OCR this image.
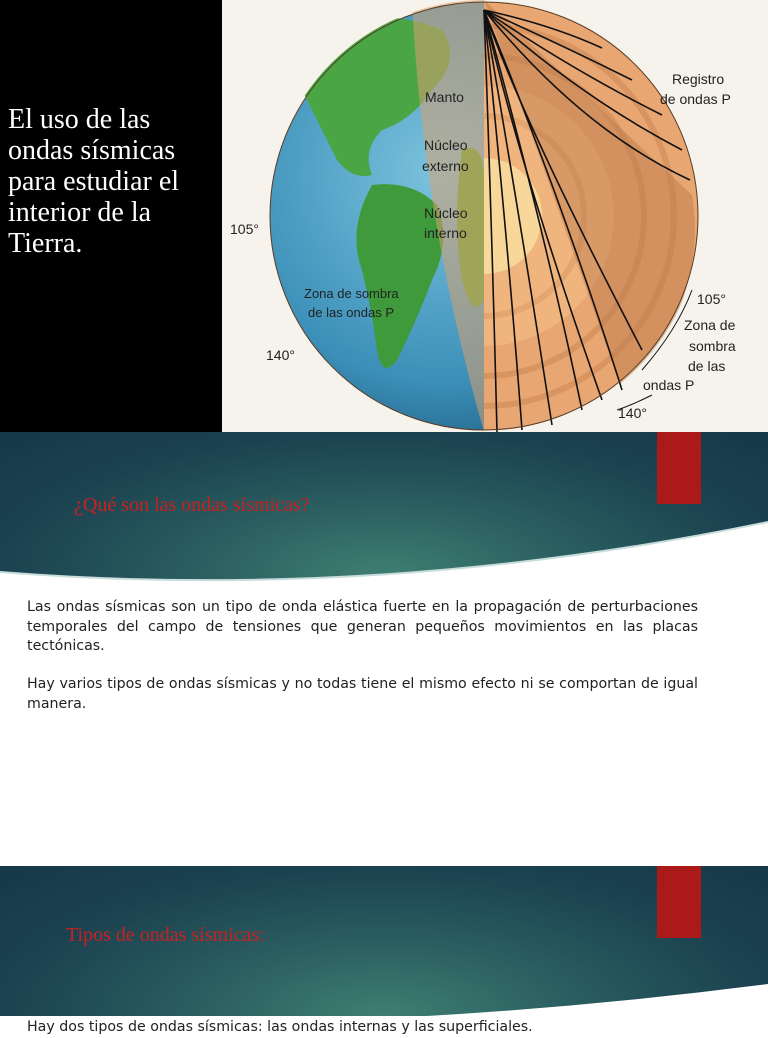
El uso de las ondas sísmicas para estudiar el interior de la Tierra.
Manto
Núcleo
externo
Núcleo
interno
Registro
de ondas P
105°
140°
Zona de sombra
de las ondas P
105°
Zona de
sombra
de las
ondas P
140°
¿Qué son las ondas sísmicas?

Las ondas sísmicas son un tipo de onda elástica fuerte en la propagación de perturbaciones temporales del campo de tensiones que generan pequeños movimientos en las placas tectónicas.

Hay varios tipos de ondas sísmicas y no todas tiene el mismo efecto ni se comportan de igual manera.

Tipos de ondas sísmicas:

Hay dos tipos de ondas sísmicas: las ondas internas y las superficiales.
